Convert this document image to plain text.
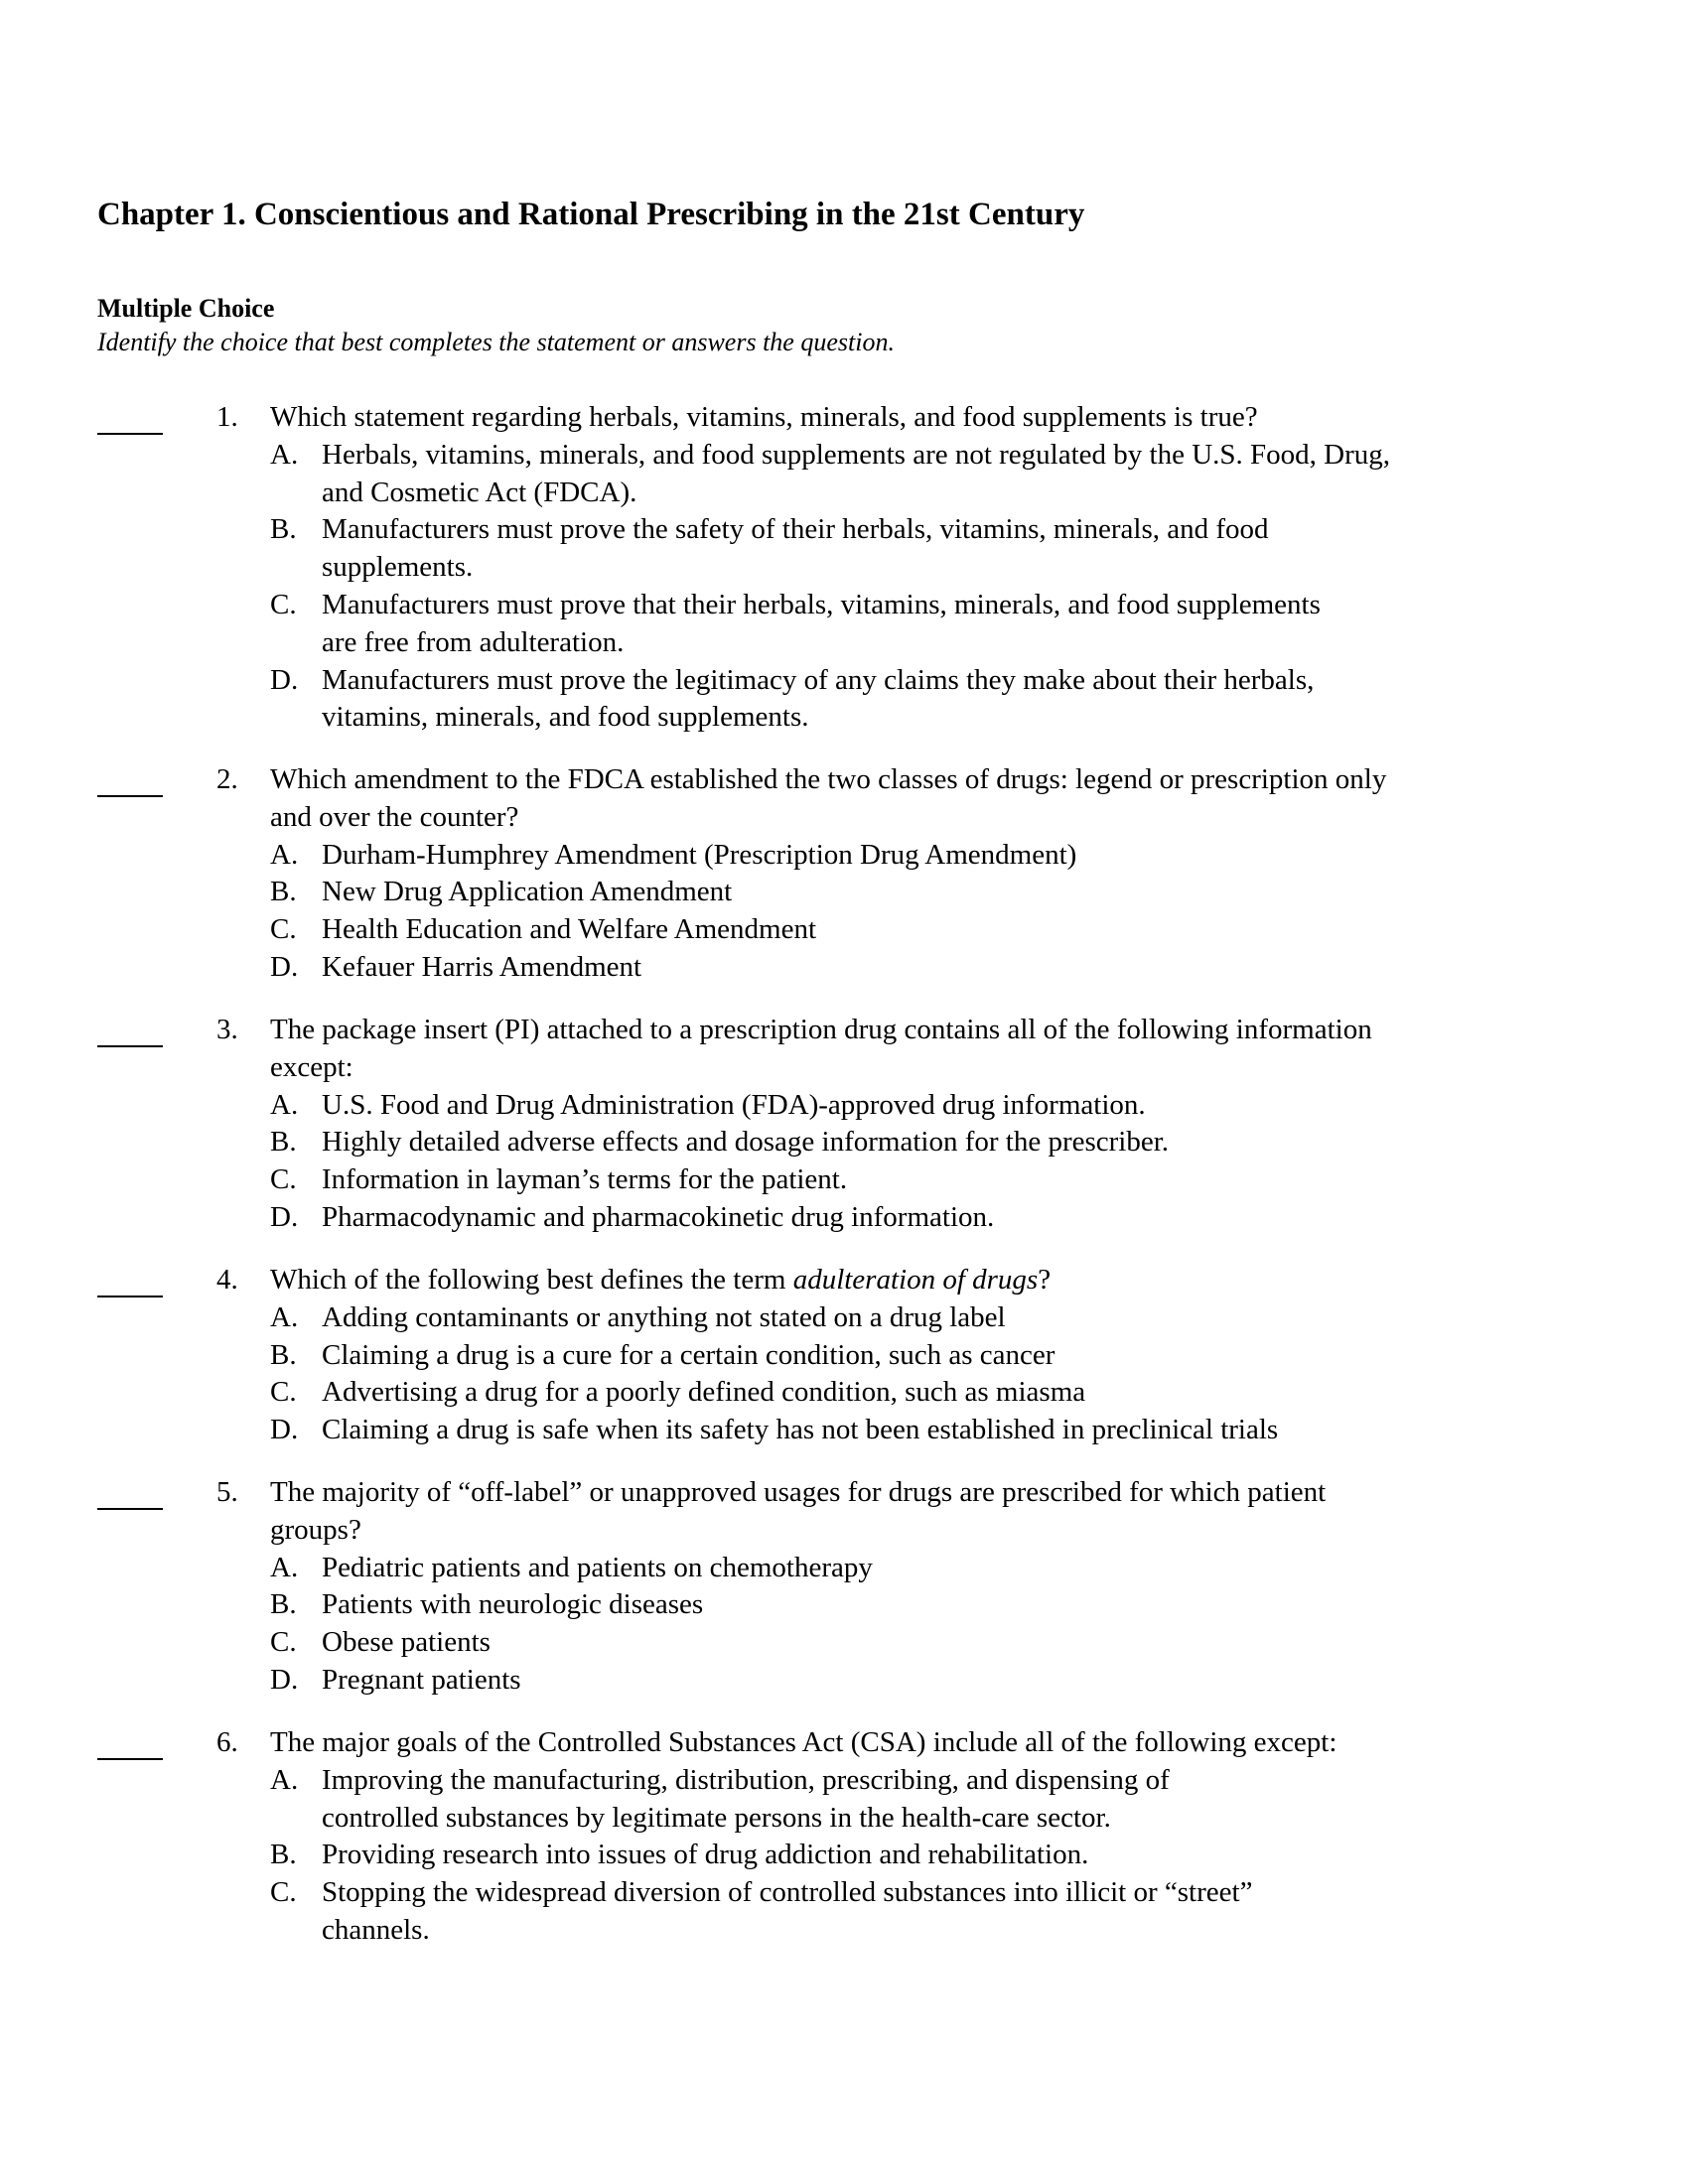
Chapter 1. Conscientious and Rational Prescribing in the 21st Century
Multiple Choice
Identify the choice that best completes the statement or answers the question.
1.	Which statement regarding herbals, vitamins, minerals, and food supplements is true?
A. Herbals, vitamins, minerals, and food supplements are not regulated by the U.S. Food, Drug, and Cosmetic Act (FDCA).
B. Manufacturers must prove the safety of their herbals, vitamins, minerals, and food supplements.
C. Manufacturers must prove that their herbals, vitamins, minerals, and food supplements are free from adulteration.
D. Manufacturers must prove the legitimacy of any claims they make about their herbals, vitamins, minerals, and food supplements.
2.	Which amendment to the FDCA established the two classes of drugs: legend or prescription only
and over the counter?
A. Durham-Humphrey Amendment (Prescription Drug Amendment)
B. New Drug Application Amendment
C. Health Education and Welfare Amendment
D. Kefauer Harris Amendment
3.	The package insert (PI) attached to a prescription drug contains all of the following information
except:
A. U.S. Food and Drug Administration (FDA)-approved drug information.
B. Highly detailed adverse effects and dosage information for the prescriber.
C. Information in layman’s terms for the patient.
D. Pharmacodynamic and pharmacokinetic drug information.
4.	Which of the following best defines the term adulteration of drugs?
A. Adding contaminants or anything not stated on a drug label
B. Claiming a drug is a cure for a certain condition, such as cancer
C. Advertising a drug for a poorly defined condition, such as miasma
D. Claiming a drug is safe when its safety has not been established in preclinical trials
5.	The majority of “off-label” or unapproved usages for drugs are prescribed for which patient
groups?
A. Pediatric patients and patients on chemotherapy
B. Patients with neurologic diseases
C. Obese patients
D. Pregnant patients
6.	The major goals of the Controlled Substances Act (CSA) include all of the following except:
A. Improving the manufacturing, distribution, prescribing, and dispensing of controlled substances by legitimate persons in the health-care sector.
B. Providing research into issues of drug addiction and rehabilitation.
C. Stopping the widespread diversion of controlled substances into illicit or “street” channels.
